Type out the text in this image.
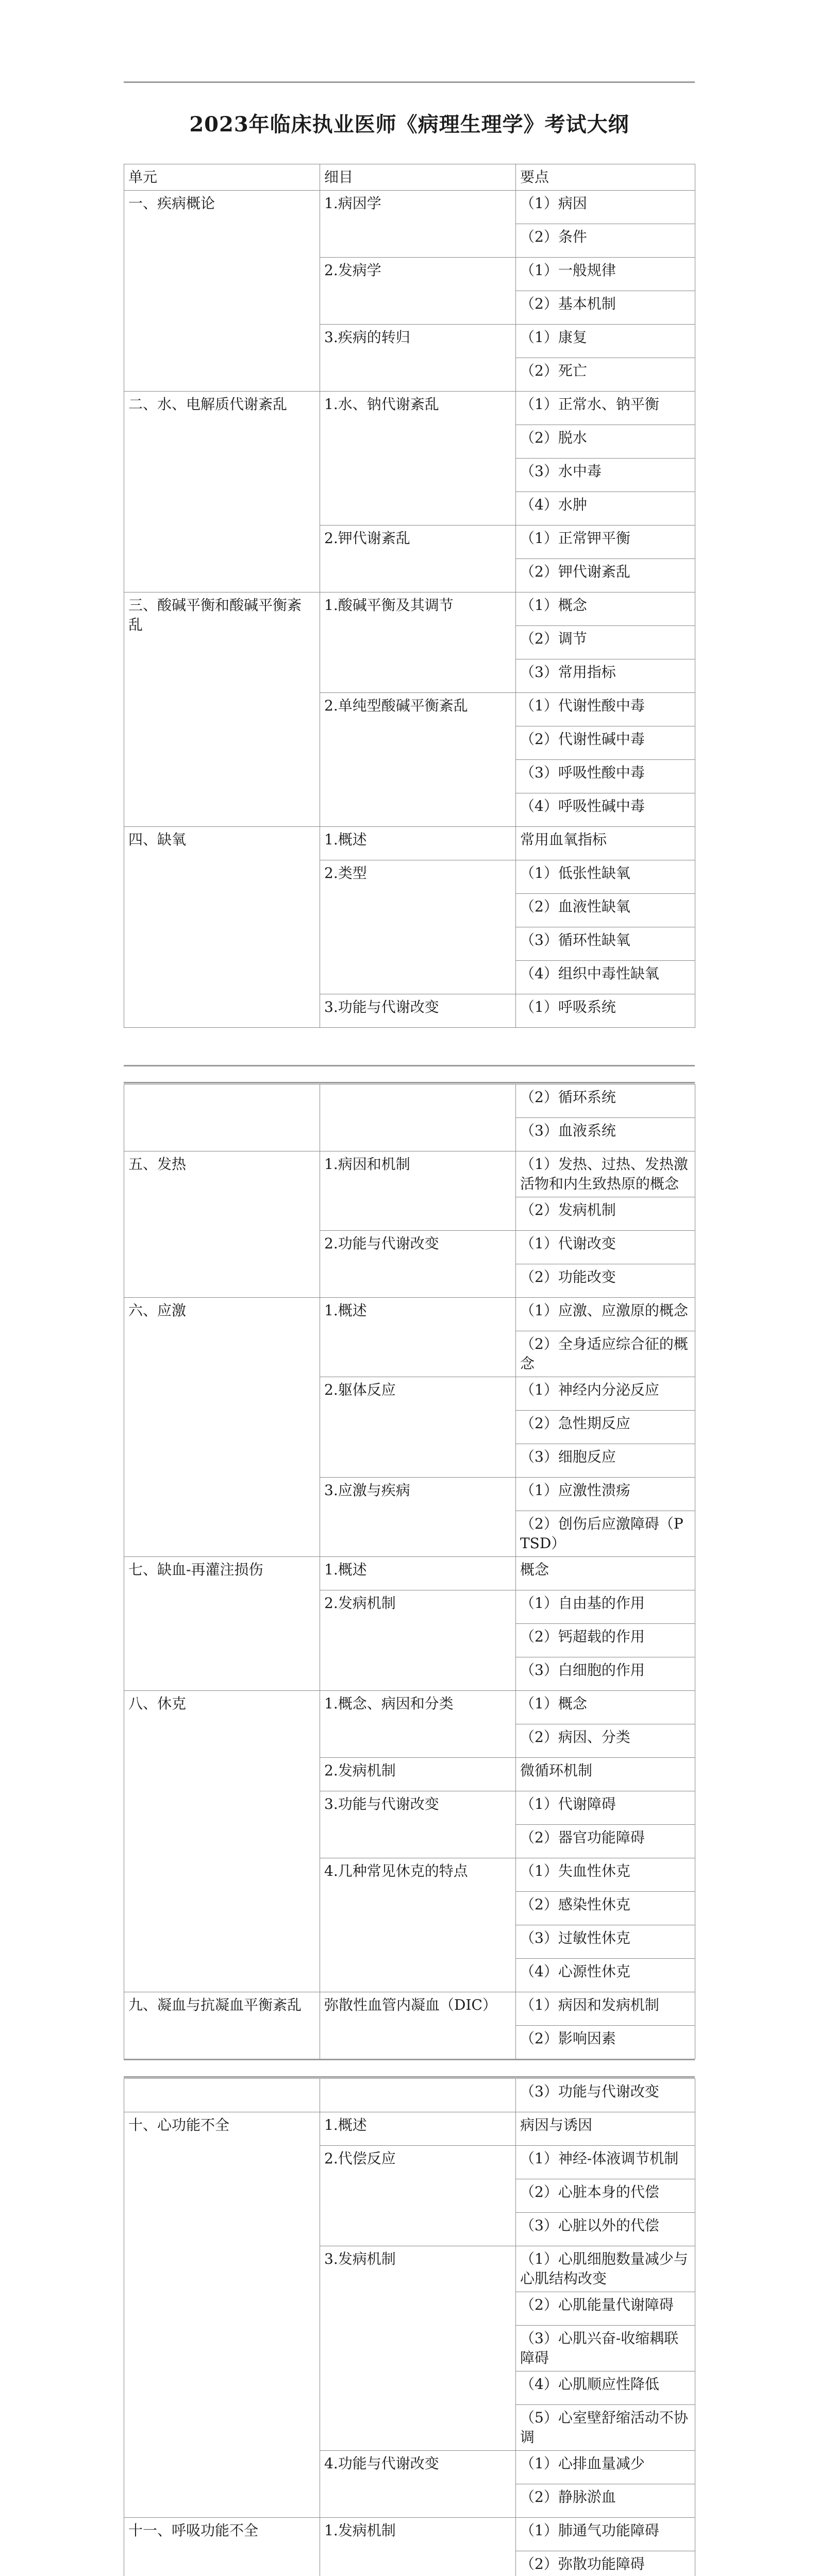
2023年临床执业医师《病理生理学》考试大纲
单元	细目	要点
一、疾病概论	1.病因学	（1）病因
		（2）条件
	2.发病学	（1）一般规律
		（2）基本机制
	3.疾病的转归	（1）康复
		（2）死亡
二、水、电解质代谢紊乱	1.水、钠代谢紊乱	（1）正常水、钠平衡
		（2）脱水
		（3）水中毒
		（4）水肿
	2.钾代谢紊乱	（1）正常钾平衡
		（2）钾代谢紊乱
三、酸碱平衡和酸碱平衡紊乱	1.酸碱平衡及其调节	（1）概念
		（2）调节
		（3）常用指标
	2.单纯型酸碱平衡紊乱	（1）代谢性酸中毒
		（2）代谢性碱中毒
		（3）呼吸性酸中毒
		（4）呼吸性碱中毒
四、缺氧	1.概述	常用血氧指标
	2.类型	（1）低张性缺氧
		（2）血液性缺氧
		（3）循环性缺氧
		（4）组织中毒性缺氧
	3.功能与代谢改变	（1）呼吸系统
		（2）循环系统
		（3）血液系统
五、发热	1.病因和机制	（1）发热、过热、发热激活物和内生致热原的概念
		（2）发病机制
	2.功能与代谢改变	（1）代谢改变
		（2）功能改变
六、应激	1.概述	（1）应激、应激原的概念
		（2）全身适应综合征的概念
	2.躯体反应	（1）神经内分泌反应
		（2）急性期反应
		（3）细胞反应
	3.应激与疾病	（1）应激性溃疡
		（2）创伤后应激障碍（PTSD）
七、缺血-再灌注损伤	1.概述	概念
	2.发病机制	（1）自由基的作用
		（2）钙超载的作用
		（3）白细胞的作用
八、休克	1.概念、病因和分类	（1）概念
		（2）病因、分类
	2.发病机制	微循环机制
	3.功能与代谢改变	（1）代谢障碍
		（2）器官功能障碍
	4.几种常见休克的特点	（1）失血性休克
		（2）感染性休克
		（3）过敏性休克
		（4）心源性休克
九、凝血与抗凝血平衡紊乱	弥散性血管内凝血（DIC）	（1）病因和发病机制
		（2）影响因素
		（3）功能与代谢改变
十、心功能不全	1.概述	病因与诱因
	2.代偿反应	（1）神经-体液调节机制
		（2）心脏本身的代偿
		（3）心脏以外的代偿
	3.发病机制	（1）心肌细胞数量减少与心肌结构改变
		（2）心肌能量代谢障碍
		（3）心肌兴奋-收缩耦联障碍
		（4）心肌顺应性降低
		（5）心室壁舒缩活动不协调
	4.功能与代谢改变	（1）心排血量减少
		（2）静脉淤血
十一、呼吸功能不全	1.发病机制	（1）肺通气功能障碍
		（2）弥散功能障碍
